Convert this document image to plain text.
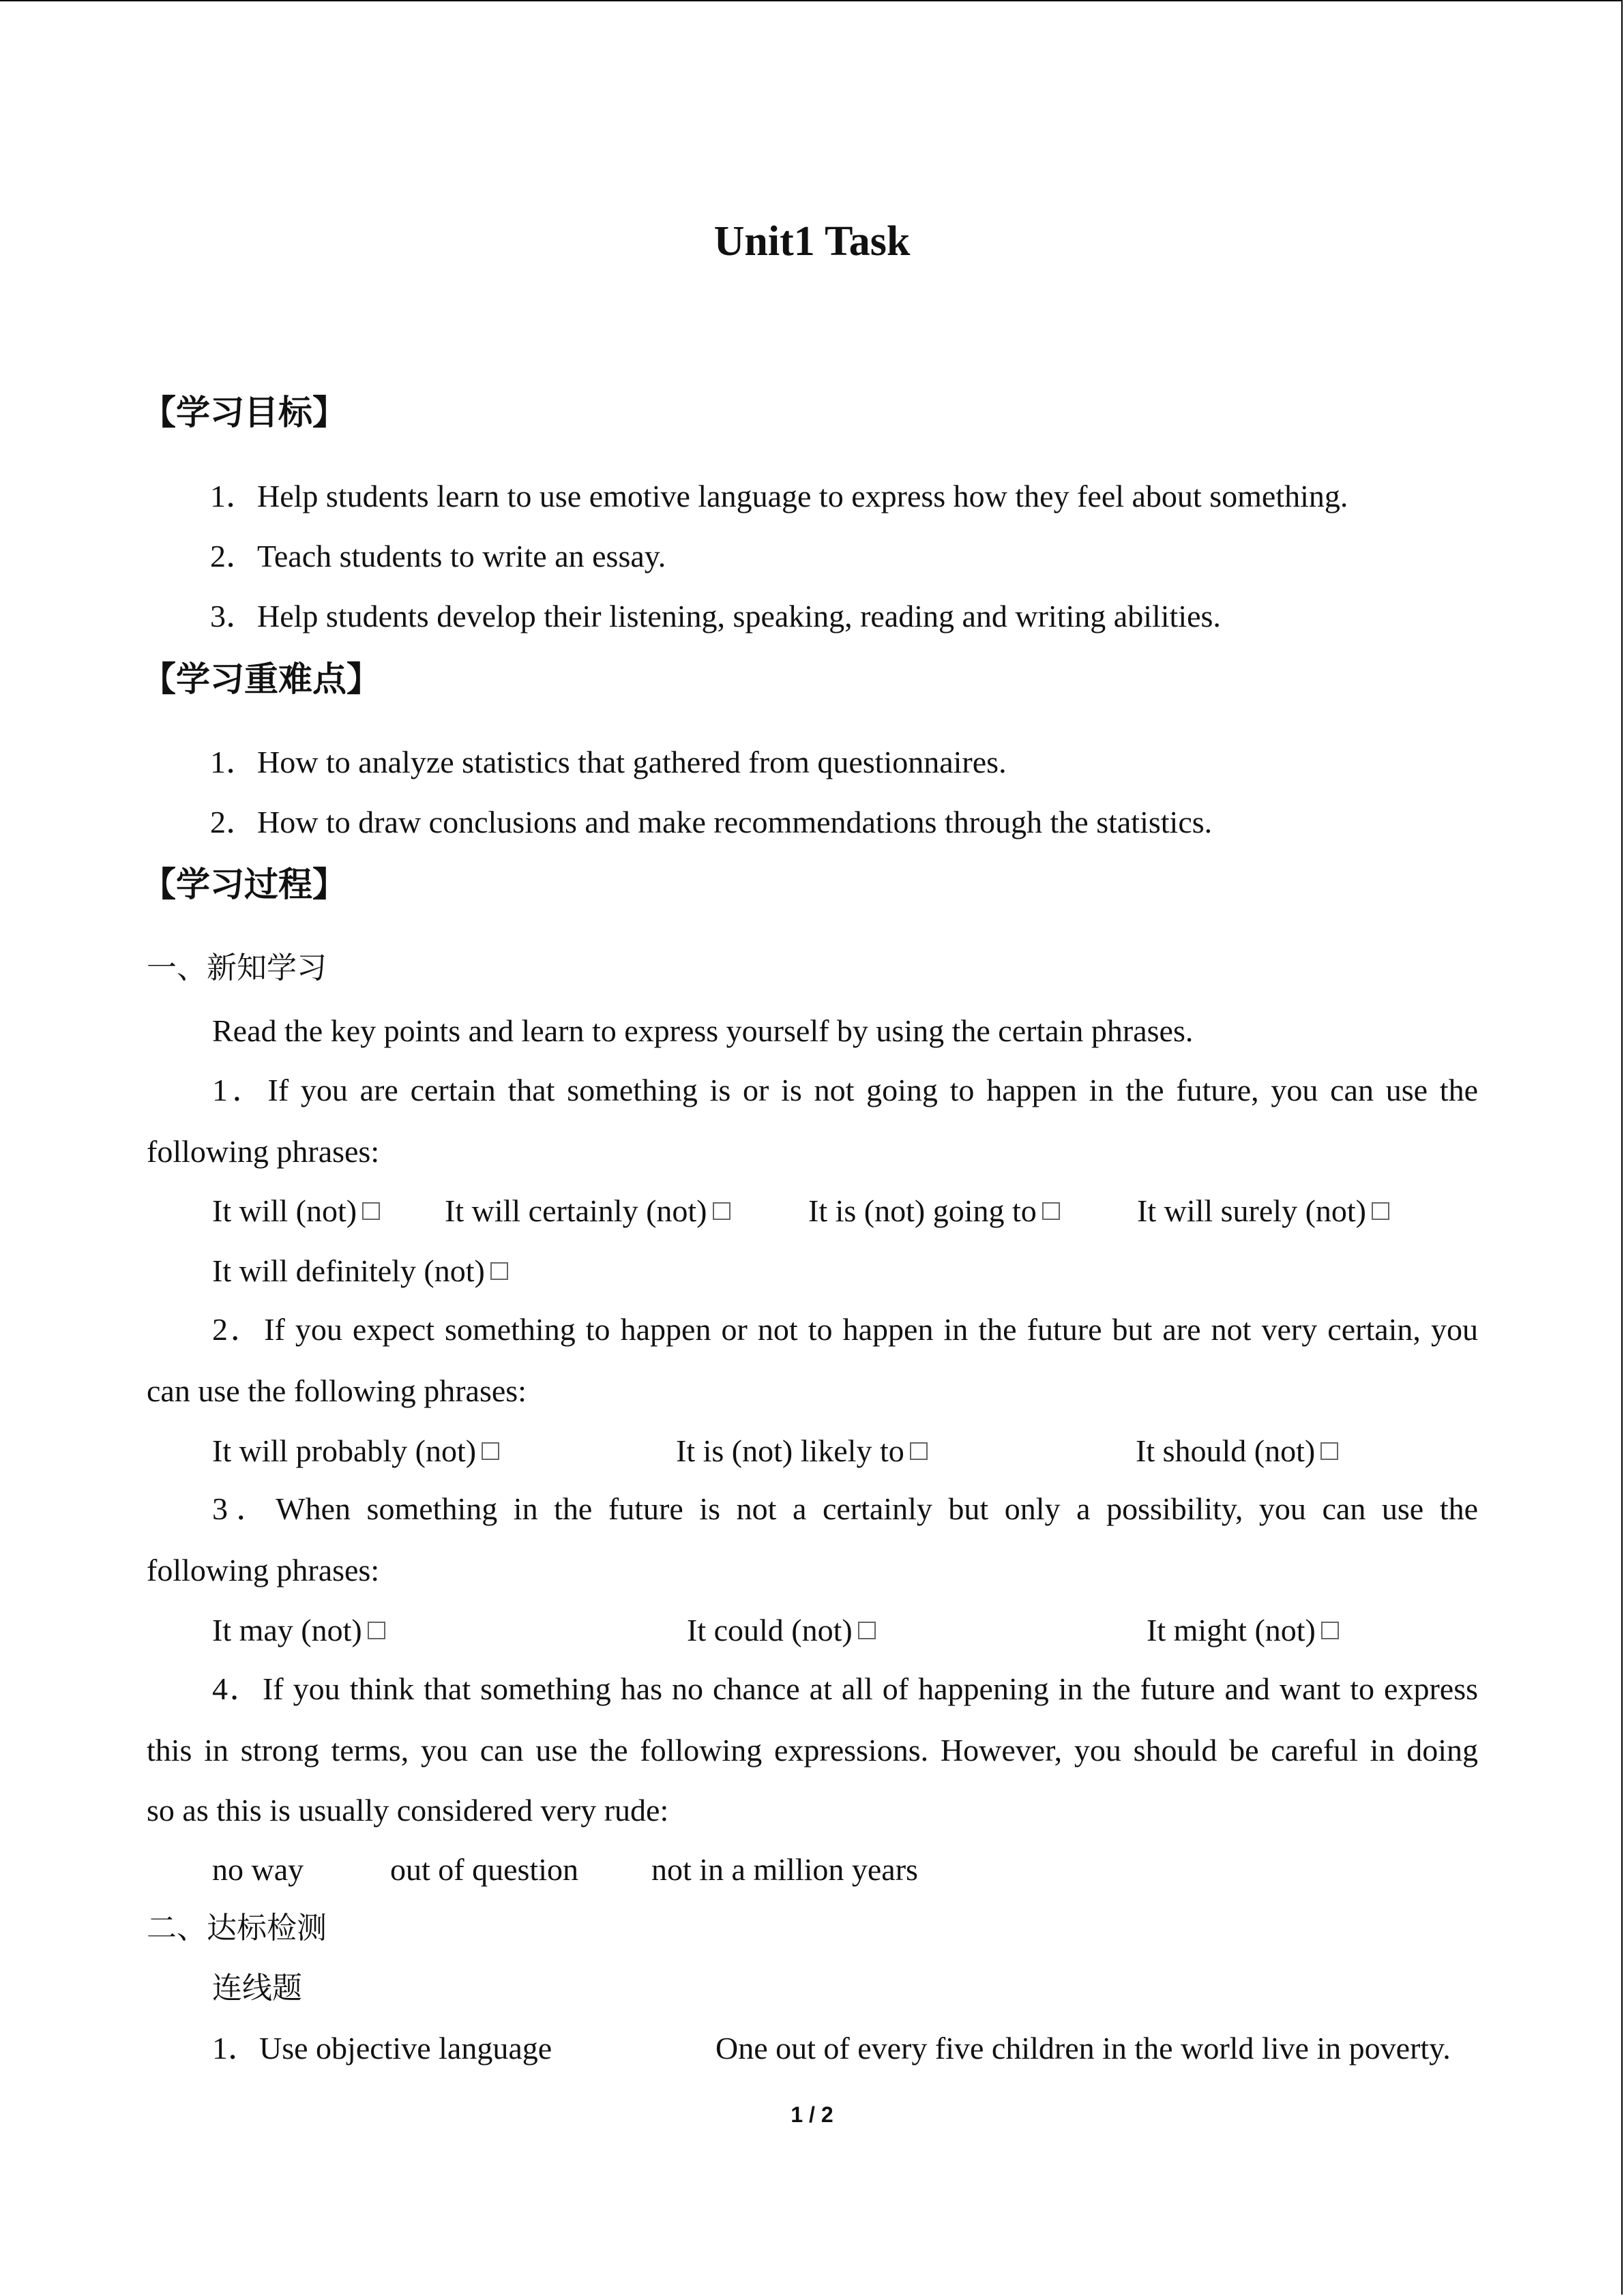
Unit1 Task
【学习目标】
1．Help students learn to use emotive language to express how they feel about something.
2．Teach students to write an essay.
3．Help students develop their listening, speaking, reading and writing abilities.
【学习重难点】
1．How to analyze statistics that gathered from questionnaires.
2．How to draw conclusions and make recommendations through the statistics.
【学习过程】
一、新知学习
Read the key points and learn to express yourself by using the certain phrases.
1．If you are certain that something is or is not going to happen in the future, you can use the
following phrases:
It will (not)	It will certainly (not)	It is (not) going to	It will surely (not)
It will definitely (not)
2．If you expect something to happen or not to happen in the future but are not very certain, you
can use the following phrases:
It will probably (not)	It is (not) likely to	It should (not)
3．When something in the future is not a certainly but only a possibility, you can use the
following phrases:
It may (not)	It could (not)	It might (not)
4．If you think that something has no chance at all of happening in the future and want to express
this in strong terms, you can use the following expressions. However, you should be careful in doing
so as this is usually considered very rude:
no way	out of question not in a million years
二、达标检测
连线题
1．Use objective language	One out of every five children in the world live in poverty.
1 / 2
